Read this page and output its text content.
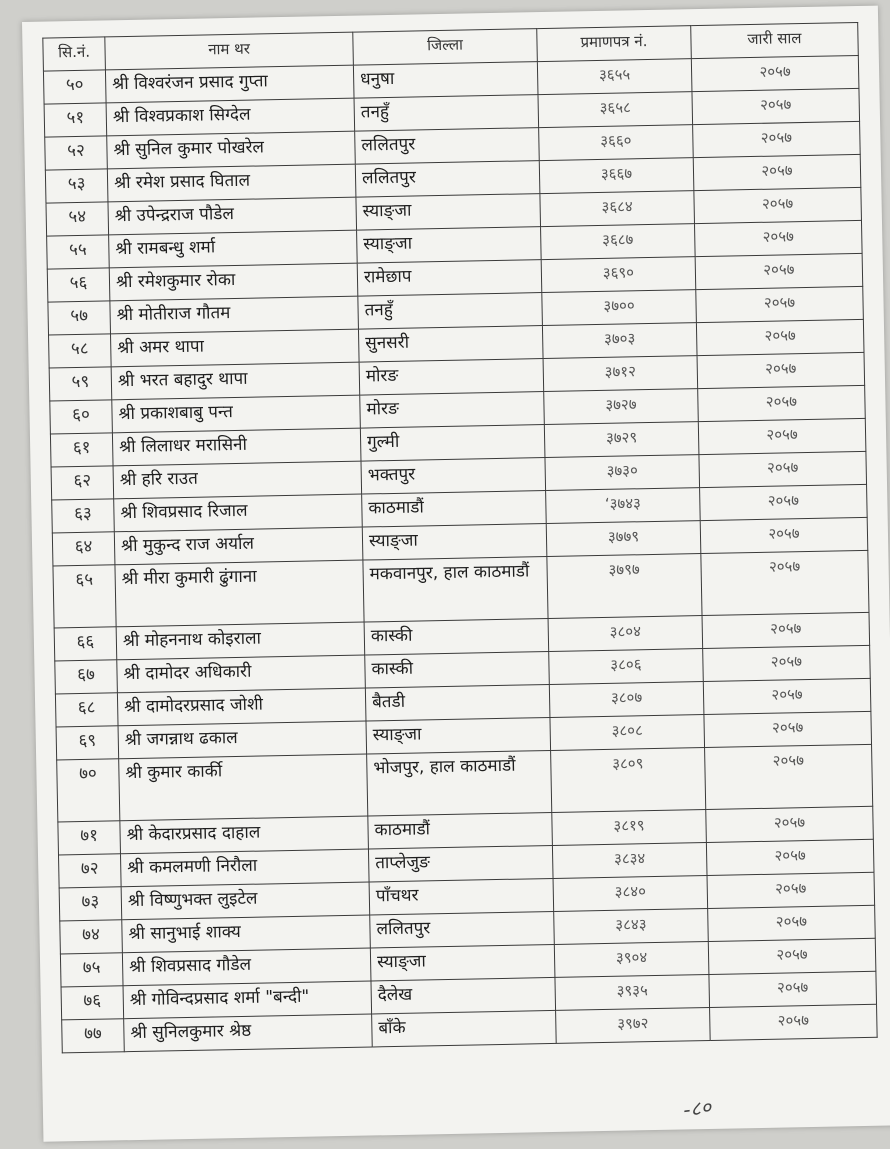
सि.नं.	नाम थर	जिल्ला	प्रमाणपत्र नं.	जारी साल
५०	श्री विश्वरंजन प्रसाद गुप्ता	धनुषा	३६५५	२०५७
५१	श्री विश्वप्रकाश सिग्देल	तनहुँ	३६५८	२०५७
५२	श्री सुनिल कुमार पोखरेल	ललितपुर	३६६०	२०५७
५३	श्री रमेश प्रसाद घिताल	ललितपुर	३६६७	२०५७
५४	श्री उपेन्द्रराज पौडेल	स्याङ्जा	३६८४	२०५७
५५	श्री रामबन्धु शर्मा	स्याङ्जा	३६८७	२०५७
५६	श्री रमेशकुमार रोका	रामेछाप	३६९०	२०५७
५७	श्री मोतीराज गौतम	तनहुँ	३७००	२०५७
५८	श्री अमर थापा	सुनसरी	३७०३	२०५७
५९	श्री भरत बहादुर थापा	मोरङ	३७१२	२०५७
६०	श्री प्रकाशबाबु पन्त	मोरङ	३७२७	२०५७
६१	श्री लिलाधर मरासिनी	गुल्मी	३७२९	२०५७
६२	श्री हरि राउत	भक्तपुर	३७३०	२०५७
६३	श्री शिवप्रसाद रिजाल	काठमाडौं	‘३७४३	२०५७
६४	श्री मुकुन्द राज अर्याल	स्याङ्जा	३७७९	२०५७
६५	श्री मीरा कुमारी ढुंगाना	मकवानपुर, हाल काठमाडौं	३७९७	२०५७
६६	श्री मोहननाथ कोइराला	कास्की	३८०४	२०५७
६७	श्री दामोदर अधिकारी	कास्की	३८०६	२०५७
६८	श्री दामोदरप्रसाद जोशी	बैतडी	३८०७	२०५७
६९	श्री जगन्नाथ ढकाल	स्याङ्जा	३८०८	२०५७
७०	श्री कुमार कार्की	भोजपुर, हाल काठमाडौं	३८०९	२०५७
७१	श्री केदारप्रसाद दाहाल	काठमाडौं	३८१९	२०५७
७२	श्री कमलमणी निरौला	ताप्लेजुङ	३८३४	२०५७
७३	श्री विष्णुभक्त लुइटेल	पाँचथर	३८४०	२०५७
७४	श्री सानुभाई शाक्य	ललितपुर	३८४३	२०५७
७५	श्री शिवप्रसाद गौडेल	स्याङ्जा	३९०४	२०५७
७६	श्री गोविन्दप्रसाद शर्मा "बन्दी"	दैलेख	३९३५	२०५७
७७	श्री सुनिलकुमार श्रेष्ठ	बाँके	३९७२	२०५७
-८०
